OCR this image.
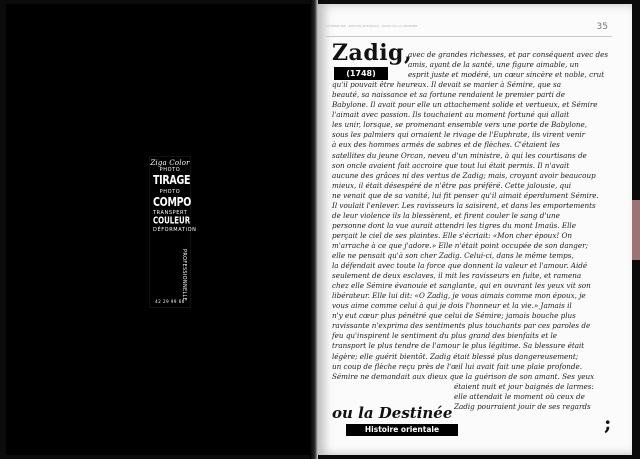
Ziga Color
PHOTO
TIRAGE
PHOTO
COMPO
TRANSPERT
COULEUR
DÉFORMATION
PROFESSIONNELLE
42 29 99 66
LITTÉRATURE · ÉDITION INTÉGRALE · ZADIG OU LA DESTINÉE	35
Zadig,
(1748)
avec de grandes richesses, et par conséquent avec des
amis, ayant de la santé, une figure aimable, un
esprit juste et modéré, un cœur sincère et noble, crut
qu'il pouvait être heureux. Il devait se marier à Sémire, que sa
beauté, sa naissance et sa fortune rendaient le premier parti de
Babylone. Il avait pour elle un attachement solide et vertueux, et Sémire
l'aimait avec passion. Ils touchaient au moment fortuné qui allait
les unir, lorsque, se promenant ensemble vers une porte de Babylone,
sous les palmiers qui ornaient le rivage de l'Euphrate, ils virent venir
à eux des hommes armés de sabres et de flèches. C'étaient les
satellites du jeune Orcan, neveu d'un ministre, à qui les courtisans de
son oncle avaient fait accroire que tout lui était permis. Il n'avait
aucune des grâces ni des vertus de Zadig; mais, croyant avoir beaucoup
mieux, il était désespéré de n'être pas préféré. Cette jalousie, qui
ne venait que de sa vanité, lui fit penser qu'il aimait éperdument Sémire.
Il voulait l'enlever. Les ravisseurs la saisirent, et dans les emportements
de leur violence ils la blessèrent, et firent couler le sang d'une
personne dont la vue aurait attendri les tigres du mont Imaüs. Elle
perçait le ciel de ses plaintes. Elle s'écriait: «Mon cher époux! On
m'arrache à ce que j'adore.» Elle n'était point occupée de son danger;
elle ne pensait qu'à son cher Zadig. Celui-ci, dans le même temps,
la défendait avec toute la force que donnent la valeur et l'amour. Aidé
seulement de deux esclaves, il mit les ravisseurs en fuite, et ramena
chez elle Sémire évanouie et sanglante, qui en ouvrant les yeux vit son
libérateur. Elle lui dit: «O Zadig, je vous aimais comme mon époux, je
vous aime comme celui à qui je dois l'honneur et la vie.» Jamais il
n'y eut cœur plus pénétré que celui de Sémire; jamais bouche plus
ravissante n'exprima des sentiments plus touchants par ces paroles de
feu qu'inspirent le sentiment du plus grand des bienfaits et le
transport le plus tendre de l'amour le plus légitime. Sa blessure était
légère; elle guérit bientôt. Zadig était blessé plus dangereusement;
un coup de flèche reçu près de l'œil lui avait fait une plaie profonde.
Sémire ne demandait aux dieux que la guérison de son amant. Ses yeux
étaient nuit et jour baignés de larmes:
elle attendait le moment où ceux de
Zadig pourraient jouir de ses regards
ou la Destinée
Histoire orientale	;
